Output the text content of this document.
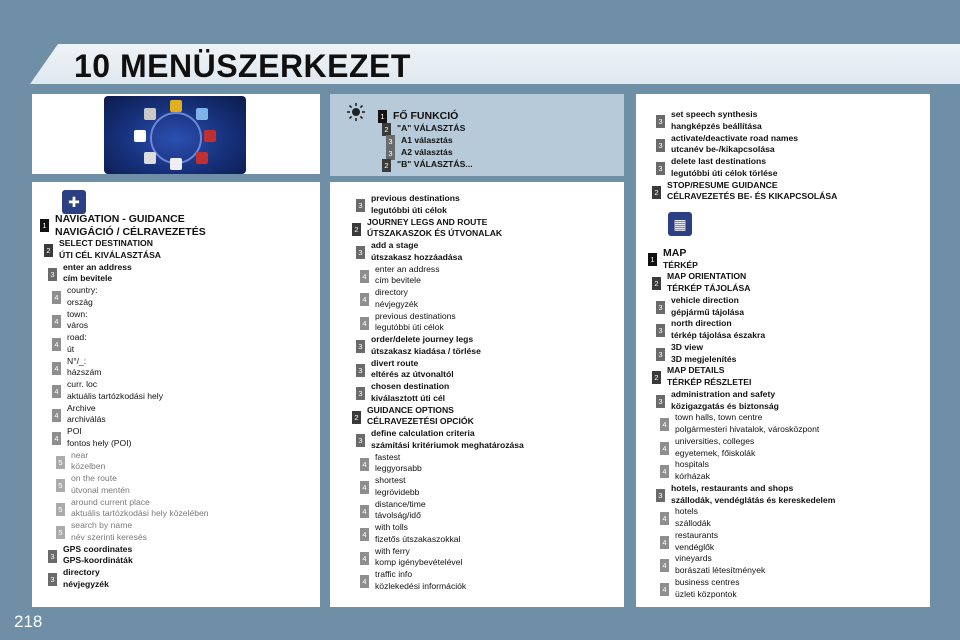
10 MENÜSZERKEZET
218
✚
▦
1 FŐ FUNKCIÓ
2 "A" VÁLASZTÁS
3 A1 választás
3 A2 választás
2 "B" VÁLASZTÁS...
1
NAVIGATION - GUIDANCE
NAVIGÁCIÓ / CÉLRAVEZETÉS
2
SELECT DESTINATION
ÚTI CÉL KIVÁLASZTÁSA
3
enter an address
cím bevitele
4
country:
ország
4
town:
város
4
road:
út
4
N°/_:
házszám
4
curr. loc
aktuális tartózkodási hely
4
Archive
archiválás
4
POI
fontos hely (POI)
5
near
közelben
5
on the route
útvonal mentén
5
around current place
aktuális tartózkodási hely közelében
5
search by name
név szerinti keresés
3
GPS coordinates
GPS-koordináták
3
directory
névjegyzék
3
previous destinations
legutóbbi úti célok
2
JOURNEY LEGS AND ROUTE
ÚTSZAKASZOK ÉS ÚTVONALAK
3
add a stage
útszakasz hozzáadása
4
enter an address
cím bevitele
4
directory
névjegyzék
4
previous destinations
legutóbbi úti célok
3
order/delete journey legs
útszakasz kiadása / törlése
3
divert route
eltérés az útvonaltól
3
chosen destination
kiválasztott úti cél
2
GUIDANCE OPTIONS
CÉLRAVEZETÉSI OPCIÓK
3
define calculation criteria
számítási kritériumok meghatározása
4
fastest
leggyorsabb
4
shortest
legrövidebb
4
distance/time
távolság/idő
4
with tolls
fizetős útszakaszokkal
4
with ferry
komp igénybevételével
4
traffic info
közlekedési információk
3
set speech synthesis
hangképzés beállítása
3
activate/deactivate road names
utcanév be-/kikapcsolása
3
delete last destinations
legutóbbi úti célok törlése
2
STOP/RESUME GUIDANCE
CÉLRAVEZETÉS BE- ÉS KIKAPCSOLÁSA
1
MAP
TÉRKÉP
2
MAP ORIENTATION
TÉRKÉP TÁJOLÁSA
3
vehicle direction
gépjármű tájolása
3
north direction
térkép tájolása északra
3
3D view
3D megjelenítés
2
MAP DETAILS
TÉRKÉP RÉSZLETEI
3
administration and safety
közigazgatás és biztonság
4
town halls, town centre
polgármesteri hivatalok, városközpont
4
universities, colleges
egyetemek, főiskolák
4
hospitals
kórházak
3
hotels, restaurants and shops
szállodák, vendéglátás és kereskedelem
4
hotels
szállodák
4
restaurants
vendéglők
4
vineyards
borászati létesítmények
4
business centres
üzleti központok
